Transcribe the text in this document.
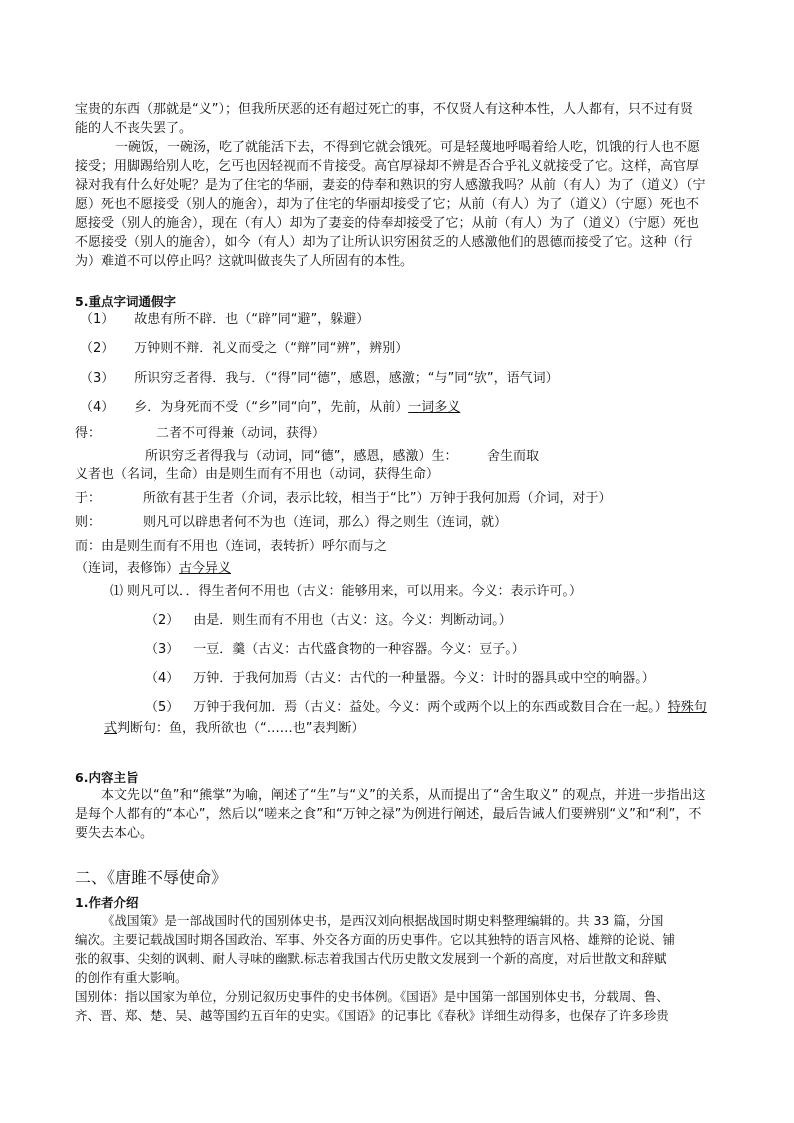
宝贵的东西（那就是“义”）；但我所厌恶的还有超过死亡的事，不仅贤人有这种本性，人人都有，只不过有贤
能的人不丧失罢了。
一碗饭，一碗汤，吃了就能活下去，不得到它就会饿死。可是轻蔑地呼喝着给人吃，饥饿的行人也不愿
接受；用脚踢给别人吃，乞丐也因轻视而不肯接受。高官厚禄却不辨是否合乎礼义就接受了它。这样，高官厚
禄对我有什么好处呢？是为了住宅的华丽，妻妾的侍奉和熟识的穷人感激我吗？从前（有人）为了（道义）（宁
愿）死也不愿接受（别人的施舍），却为了住宅的华丽却接受了它；从前（有人）为了（道义）（宁愿）死也不
愿接受（别人的施舍），现在（有人）却为了妻妾的侍奉却接受了它；从前（有人）为了（道义）（宁愿）死也
不愿接受（别人的施舍），如今（有人）却为了让所认识穷困贫乏的人感激他们的恩德而接受了它。这种（行
为）难道不可以停止吗？这就叫做丧失了人所固有的本性。
5.重点字词通假字
（1） 故患有所不辟．也（“辟”同“避”，躲避）
（2） 万钟则不辩．礼义而受之（“辩”同“辨”，辨别）
（3） 所识穷乏者得．我与．（“得”同“德”，感恩，感激；“与”同“欤”，语气词）
（4） 乡．为身死而不受（“乡”同“向”，先前，从前）一词多义
得：	二者不可得兼（动词，获得）
所识穷乏者得我与（动词，同“德”，感恩，感激）生： 舍生而取
义者也（名词，生命）由是则生而有不用也（动词，获得生命）
于：	所欲有甚于生者（介词，表示比较，相当于“比”）万钟于我何加焉（介词，对于）
则：	则凡可以辟患者何不为也（连词，那么）得之则生（连词，就）
而：由是则生而有不用也（连词，表转折）呼尔而与之
（连词，表修饰）古今异义
⑴ 则凡可以．．得生者何不用也（古义：能够用来，可以用来。今义：表示许可。）
（2） 由是．则生而有不用也（古义：这。今义：判断动词。）
（3） 一豆．羹（古义：古代盛食物的一种容器。今义：豆子。）
（4） 万钟．于我何加焉（古义：古代的一种量器。今义：计时的器具或中空的响器。）
（5） 万钟于我何加．焉（古义：益处。今义：两个或两个以上的东西或数目合在一起。）特殊句
式判断句：鱼，我所欲也（“……也”表判断）
6.内容主旨
本文先以“鱼”和“熊掌”为喻，阐述了“生”与“义”的关系，从而提出了“舍生取义” 的观点，并进一步指出这
是每个人都有的“本心”，然后以“嗟来之食”和“万钟之禄”为例进行阐述，最后告诫人们要辨别“义”和“利”，不
要失去本心。
二、《唐雎不辱使命》
1.作者介绍
《战国策》是一部战国时代的国别体史书，是西汉刘向根据战国时期史料整理编辑的。共 33 篇，分国
编次。主要记载战国时期各国政治、军事、外交各方面的历史事件。它以其独特的语言风格、雄辩的论说、铺
张的叙事、尖刻的讽刺、耐人寻味的幽默.标志着我国古代历史散文发展到一个新的高度，对后世散文和辞赋
的创作有重大影响。
国别体：指以国家为单位，分别记叙历史事件的史书体例。《国语》是中国第一部国别体史书，分载周、鲁、
齐、晋、郑、楚、吴、越等国约五百年的史实。《国语》的记事比《春秋》详细生动得多，也保存了许多珍贵
